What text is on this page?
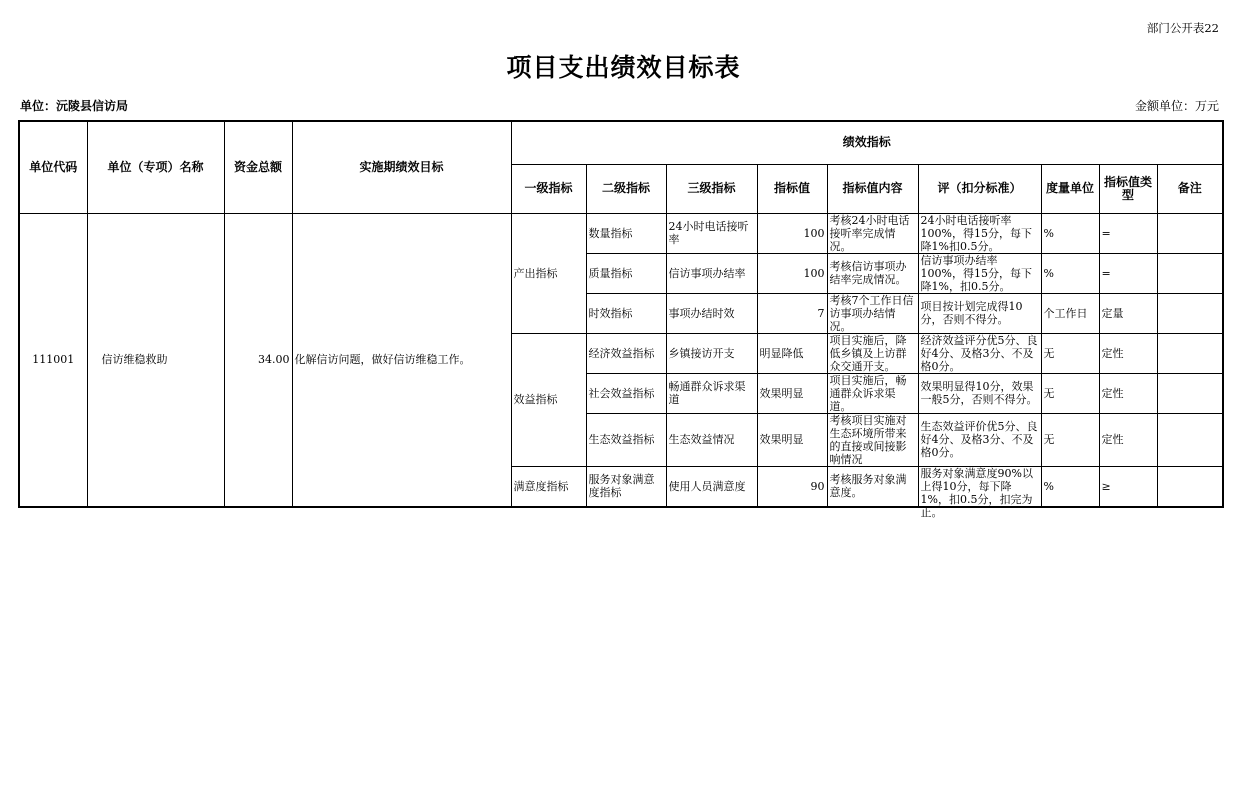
部门公开表22
项目支出绩效目标表
单位：沅陵县信访局	金额单位：万元
单位代码	单位（专项）名称	资金总额	实施期绩效目标	绩效指标								
				一级指标	二级指标	三级指标	指标值	指标值内容	评（扣分标准）	度量单位	指标值类型	备注
111001	信访维稳救助	34.00	化解信访问题，做好信访维稳工作。	产出指标	数量指标	24小时电话接听率	100	考核24小时电话接听率完成情况。	24小时电话接听率100%，得15分，每下降1%扣0.5分。	%	=	
					质量指标	信访事项办结率	100	考核信访事项办结率完成情况。	信访事项办结率100%，得15分，每下降1%，扣0.5分。	%	=	
					时效指标	事项办结时效	7	考核7个工作日信访事项办结情况。	项目按计划完成得10分，否则不得分。	个工作日	定量	
				效益指标	经济效益指标	乡镇接访开支	明显降低	项目实施后，降低乡镇及上访群众交通开支。	经济效益评分优5分、良好4分、及格3分、不及格0分。	无	定性	
					社会效益指标	畅通群众诉求渠道	效果明显	项目实施后，畅通群众诉求渠道。	效果明显得10分，效果一般5分，否则不得分。	无	定性	
					生态效益指标	生态效益情况	效果明显	考核项目实施对生态环境所带来的直接或间接影响情况	生态效益评价优5分、良好4分、及格3分、不及格0分。	无	定性	
				满意度指标	服务对象满意度指标	使用人员满意度	90	考核服务对象满意度。	服务对象满意度90%以上得10分，每下降1%，扣0.5分，扣完为止。	%	≥	
